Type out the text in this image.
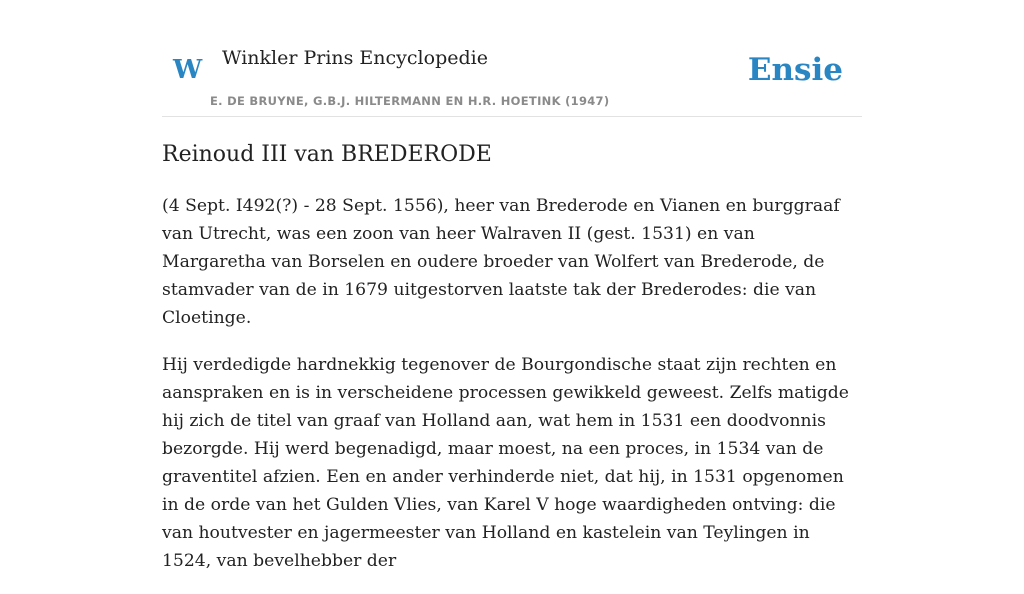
W Winkler Prins Encyclopedie
E. DE BRUYNE, G.B.J. HILTERMANN EN H.R. HOETINK (1947)
Ensie
Reinoud III van BREDERODE

(4 Sept. I492(?) - 28 Sept. 1556), heer van Brederode en Vianen en burggraaf van Utrecht, was een zoon van heer Walraven II (gest. 1531) en van Margaretha van Borselen en oudere broeder van Wolfert van Brederode, de stamvader van de in 1679 uitgestorven laatste tak der Brederodes: die van Cloetinge.

Hij verdedigde hardnekkig tegenover de Bourgondische staat zijn rechten en aanspraken en is in verscheidene processen gewikkeld geweest. Zelfs matigde hij zich de titel van graaf van Holland aan, wat hem in 1531 een doodvonnis bezorgde. Hij werd begenadigd, maar moest, na een proces, in 1534 van de graventitel afzien. Een en ander verhinderde niet, dat hij, in 1531 opgenomen in de orde van het Gulden Vlies, van Karel V hoge waardigheden ontving: die van houtvester en jagermeester van Holland en kastelein van Teylingen in 1524, van bevelhebber der
